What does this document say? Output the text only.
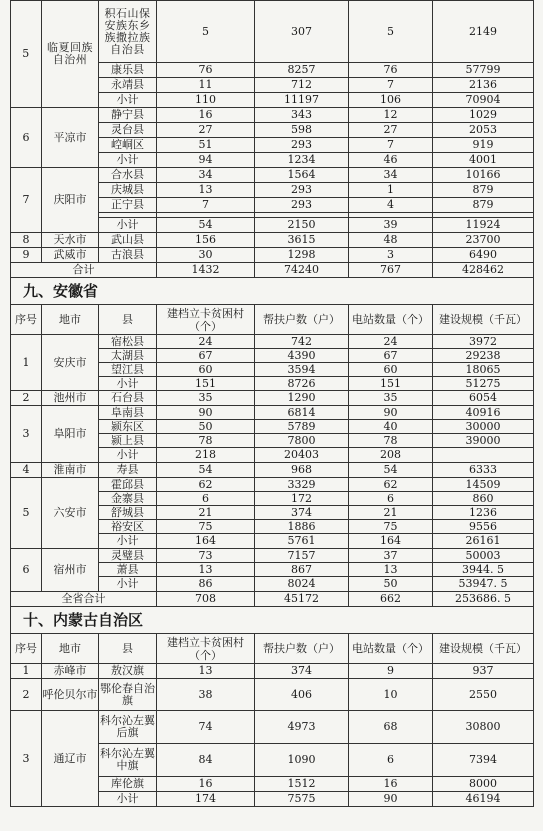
5	临夏回族自治州	积石山保安族东乡族撒拉族自治县	5	307	5	2149
		康乐县	76	8257	76	57799
		永靖县	11	712	7	2136
		小计	110	11197	106	70904
6	平凉市	静宁县	16	343	12	1029
		灵台县	27	598	27	2053
		崆峒区	51	293	7	919
		小计	94	1234	46	4001
7	庆阳市	合水县	34	1564	34	10166
		庆城县	13	293	1	879
		正宁县	7	293	4	879

		小计	54	2150	39	11924
8	天水市	武山县	156	3615	48	23700
9	武威市	古浪县	30	1298	3	6490
合计			1432	74240	767	428462
九、安徽省
序号	地市	县	建档立卡贫困村（个）	帮扶户数（户）	电站数量（个）	建设规模（千瓦）
1	安庆市	宿松县	24	742	24	3972
		太湖县	67	4390	67	29238
		望江县	60	3594	60	18065
		小计	151	8726	151	51275
2	池州市	石台县	35	1290	35	6054
3	阜阳市	阜南县	90	6814	90	40916
		颍东区	50	5789	40	30000
		颍上县	78	7800	78	39000
		小计	218	20403	208	
4	淮南市	寿县	54	968	54	6333
5	六安市	霍邱县	62	3329	62	14509
		金寨县	6	172	6	860
		舒城县	21	374	21	1236
		裕安区	75	1886	75	9556
		小计	164	5761	164	26161
6	宿州市	灵璧县	73	7157	37	50003
		萧县	13	867	13	3944. 5
		小计	86	8024	50	53947. 5
全省合计			708	45172	662	253686. 5
十、内蒙古自治区
序号	地市	县	建档立卡贫困村（个）	帮扶户数（户）	电站数量（个）	建设规模（千瓦）
1	赤峰市	敖汉旗	13	374	9	937
2	呼伦贝尔市	鄂伦春自治旗	38	406	10	2550
3	通辽市	科尔沁左翼后旗	74	4973	68	30800
		科尔沁左翼中旗	84	1090	6	7394
		库伦旗	16	1512	16	8000
		小计	174	7575	90	46194
